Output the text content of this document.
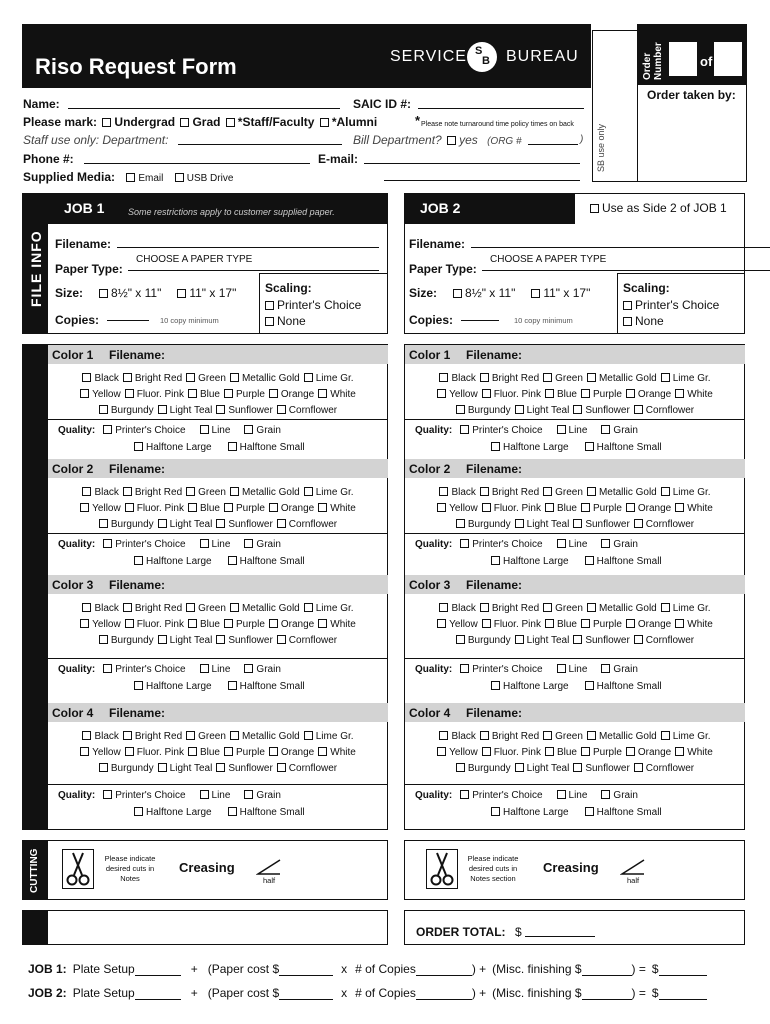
Riso Request Form	SERVICE S
B BUREAU	Order Number	of
SB use only
Order taken by:
Name:	SAIC ID #:
Please mark: Undergrad Grad *Staff/Faculty *Alumni	* Please note turnaround time policy times on back
Staff use only: Department:	Bill Department? yes (ORG #	)
Phone #:	E-mail:
Supplied Media: Email USB Drive
FILE INFO
JOB 1	Some restrictions apply to customer supplied paper.	JOB 2	Use as Side 2 of JOB 1
Filename:
Paper Type:
CHOOSE A PAPER TYPE
Size: 8½" x 11" 11" x 17"
Copies:	10 copy minimum
Scaling:
Printer's Choice
None
Filename:
Paper Type:
CHOOSE A PAPER TYPE
Size: 8½" x 11" 11" x 17"
Copies:	10 copy minimum
Scaling:
Printer's Choice
None
Color 1 Filename:
Black Bright Red Green Metallic Gold Lime Gr.
Yellow Fluor. Pink Blue Purple Orange White
Burgundy Light Teal Sunflower Cornflower
Quality: Printer's Choice	Line	Grain
Halftone Large	Halftone Small
Color 2 Filename:
Black Bright Red Green Metallic Gold Lime Gr.
Yellow Fluor. Pink Blue Purple Orange White
Burgundy Light Teal Sunflower Cornflower
Quality: Printer's Choice	Line	Grain
Halftone Large	Halftone Small
Color 3 Filename:
Black Bright Red Green Metallic Gold Lime Gr.
Yellow Fluor. Pink Blue Purple Orange White
Burgundy Light Teal Sunflower Cornflower
Quality: Printer's Choice	Line	Grain
Halftone Large	Halftone Small
Color 4 Filename:
Black Bright Red Green Metallic Gold Lime Gr.
Yellow Fluor. Pink Blue Purple Orange White
Burgundy Light Teal Sunflower Cornflower
Quality: Printer's Choice	Line	Grain
Halftone Large	Halftone Small
Color 1 Filename:
Black Bright Red Green Metallic Gold Lime Gr.
Yellow Fluor. Pink Blue Purple Orange White
Burgundy Light Teal Sunflower Cornflower
Quality: Printer's Choice	Line	Grain
Halftone Large	Halftone Small
Color 2 Filename:
Black Bright Red Green Metallic Gold Lime Gr.
Yellow Fluor. Pink Blue Purple Orange White
Burgundy Light Teal Sunflower Cornflower
Quality: Printer's Choice	Line	Grain
Halftone Large	Halftone Small
Color 3 Filename:
Black Bright Red Green Metallic Gold Lime Gr.
Yellow Fluor. Pink Blue Purple Orange White
Burgundy Light Teal Sunflower Cornflower
Quality: Printer's Choice	Line	Grain
Halftone Large	Halftone Small
Color 4 Filename:
Black Bright Red Green Metallic Gold Lime Gr.
Yellow Fluor. Pink Blue Purple Orange White
Burgundy Light Teal Sunflower Cornflower
Quality: Printer's Choice	Line	Grain
Halftone Large	Halftone Small
CUTTING	Please indicate desired cuts in Notes
Creasing
half
Please indicate desired cuts in Notes section
Creasing
half
ORDER TOTAL: $
JOB 1: Plate Setup	+ (Paper cost $	x # of Copies	) + (Misc. finishing $	) = $
JOB 2: Plate Setup	+ (Paper cost $	x # of Copies	) + (Misc. finishing $	) = $
